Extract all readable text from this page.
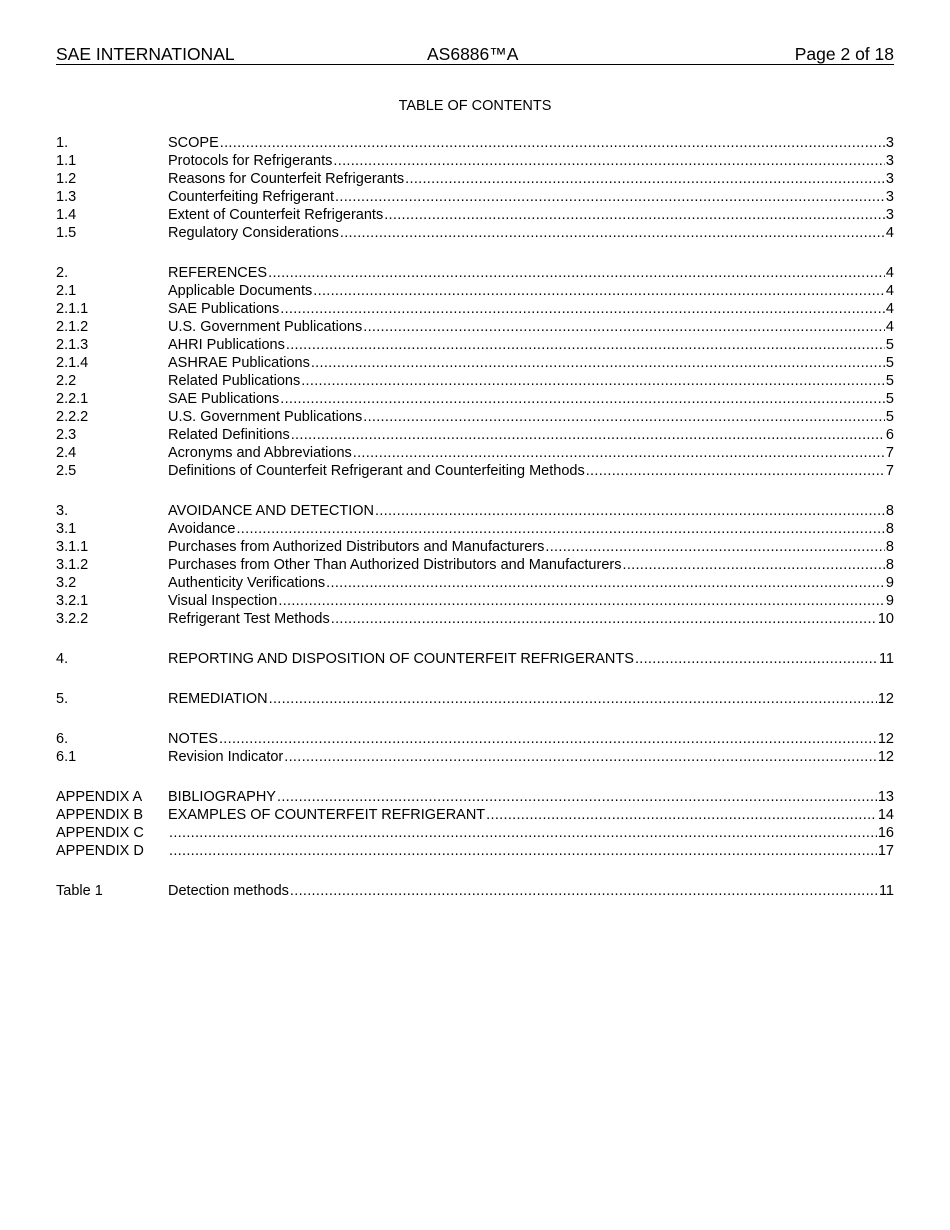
SAE INTERNATIONAL	AS6886™A	Page 2 of 18
TABLE OF CONTENTS
1.	SCOPE .....	3
1.1	Protocols for Refrigerants .....	3
1.2	Reasons for Counterfeit Refrigerants .....	3
1.3	Counterfeiting Refrigerant .....	3
1.4	Extent of Counterfeit Refrigerants .....	3
1.5	Regulatory Considerations .....	4
2.	REFERENCES .....	4
2.1	Applicable Documents .....	4
2.1.1	SAE Publications .....	4
2.1.2	U.S. Government Publications .....	4
2.1.3	AHRI Publications .....	5
2.1.4	ASHRAE Publications .....	5
2.2	Related Publications .....	5
2.2.1	SAE Publications .....	5
2.2.2	U.S. Government Publications .....	5
2.3	Related Definitions .....	6
2.4	Acronyms and Abbreviations .....	7
2.5	Definitions of Counterfeit Refrigerant and Counterfeiting Methods .....	7
3.	AVOIDANCE AND DETECTION .....	8
3.1	Avoidance .....	8
3.1.1	Purchases from Authorized Distributors and Manufacturers .....	8
3.1.2	Purchases from Other Than Authorized Distributors and Manufacturers .....	8
3.2	Authenticity Verifications .....	9
3.2.1	Visual Inspection .....	9
3.2.2	Refrigerant Test Methods .....	10
4.	REPORTING AND DISPOSITION OF COUNTERFEIT REFRIGERANTS .....	11
5.	REMEDIATION .....	12
6.	NOTES .....	12
6.1	Revision Indicator .....	12
APPENDIX A	BIBLIOGRAPHY .....	13
APPENDIX B	EXAMPLES OF COUNTERFEIT REFRIGERANT .....	14
APPENDIX C .....	16
APPENDIX D .....	17
Table 1	Detection methods .....	11
